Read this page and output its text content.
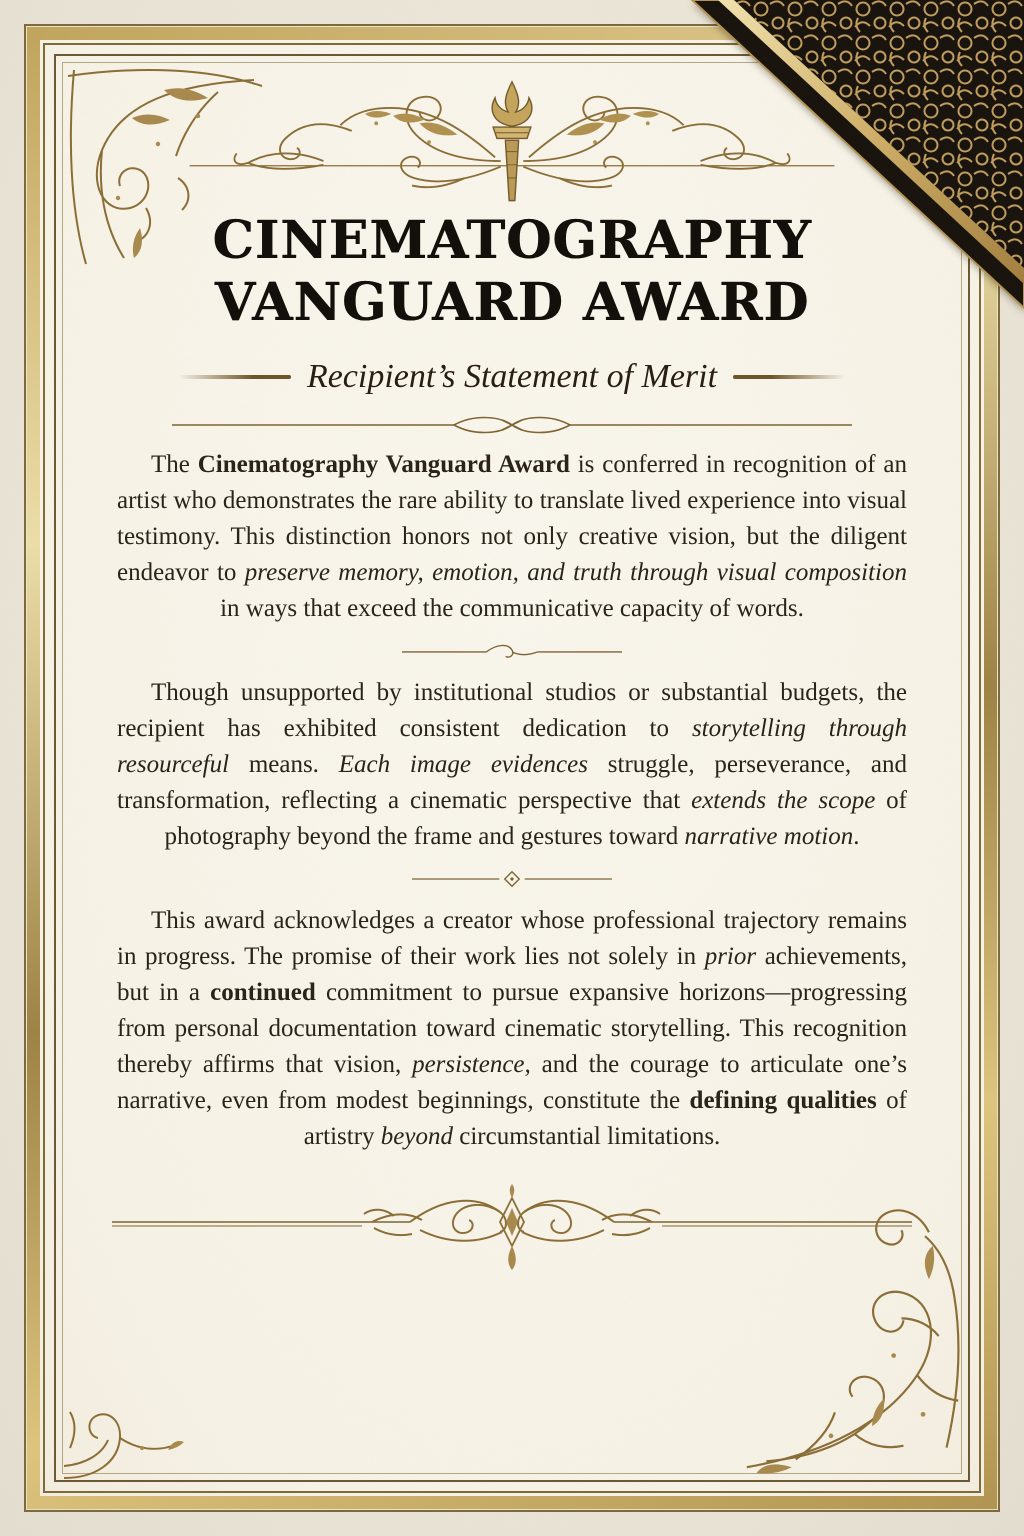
CINEMATOGRAPHY
VANGUARD AWARD
Recipient’s Statement of Merit

The Cinematography Vanguard Award is conferred in recognition of an artist who demonstrates the rare ability to translate lived experience into visual testimony. This distinction honors not only creative vision, but the diligent endeavor to preserve memory, emotion, and truth through visual composition in ways that exceed the communicative capacity of words.

Though unsupported by institutional studios or substantial budgets, the recipient has exhibited consistent dedication to storytelling through resourceful means. Each image evidences struggle, perseverance, and transformation, reflecting a cinematic perspective that extends the scope of photography beyond the frame and gestures toward narrative motion.

This award acknowledges a creator whose professional trajectory remains in progress. The promise of their work lies not solely in prior achievements, but in a continued commitment to pursue expansive horizons—progressing from personal documentation toward cinematic storytelling. This recognition thereby affirms that vision, persistence, and the courage to articulate one’s narrative, even from modest beginnings, constitute the defining qualities of artistry beyond circumstantial limitations.
